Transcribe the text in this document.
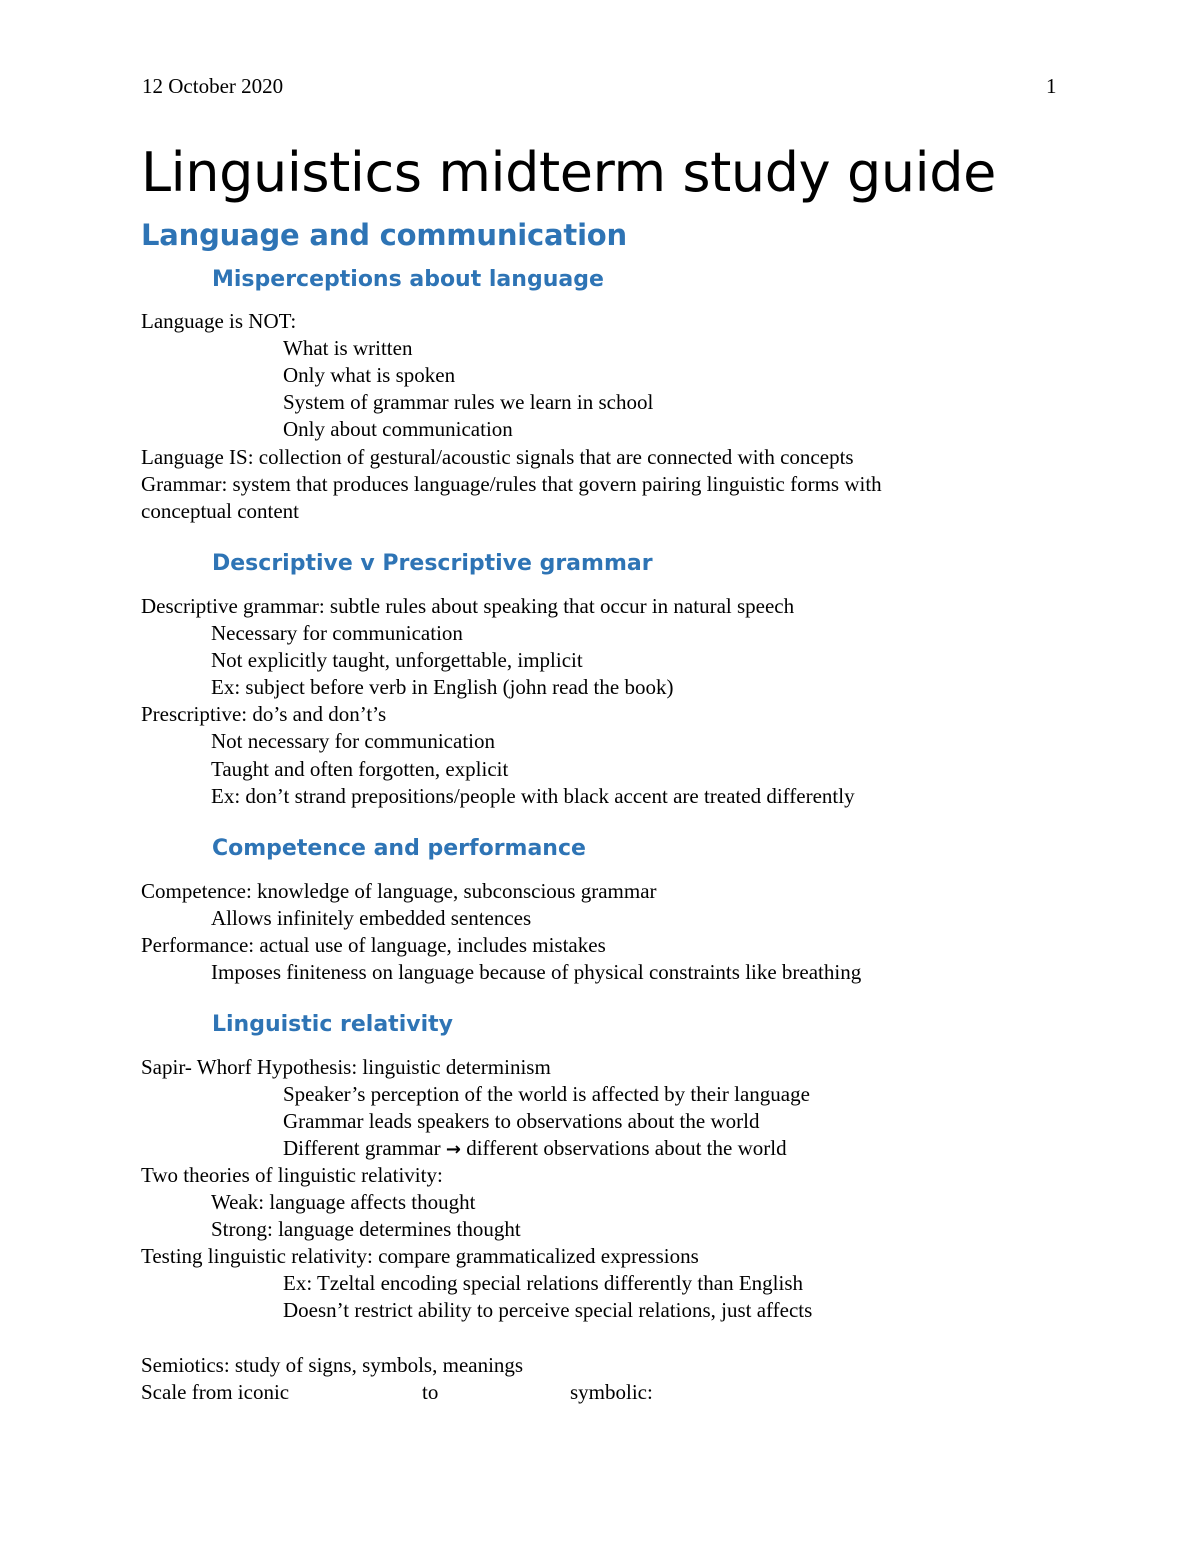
12 October 2020	1
Linguistics midterm study guide
Language and communication
Misperceptions about language
Language is NOT:
What is written
Only what is spoken
System of grammar rules we learn in school
Only about communication
Language IS: collection of gestural/acoustic signals that are connected with concepts
Grammar: system that produces language/rules that govern pairing linguistic forms with
conceptual content
Descriptive v Prescriptive grammar
Descriptive grammar: subtle rules about speaking that occur in natural speech
Necessary for communication
Not explicitly taught, unforgettable, implicit
Ex: subject before verb in English (john read the book)
Prescriptive: do’s and don’t’s
Not necessary for communication
Taught and often forgotten, explicit
Ex: don’t strand prepositions/people with black accent are treated differently
Competence and performance
Competence: knowledge of language, subconscious grammar
Allows infinitely embedded sentences
Performance: actual use of language, includes mistakes
Imposes finiteness on language because of physical constraints like breathing
Linguistic relativity
Sapir- Whorf Hypothesis: linguistic determinism
Speaker’s perception of the world is affected by their language
Grammar leads speakers to observations about the world
Different grammar → different observations about the world
Two theories of linguistic relativity:
Weak: language affects thought
Strong: language determines thought
Testing linguistic relativity: compare grammaticalized expressions
Ex: Tzeltal encoding special relations differently than English
Doesn’t restrict ability to perceive special relations, just affects
Semiotics: study of signs, symbols, meanings
Scale from iconic	to	symbolic:
